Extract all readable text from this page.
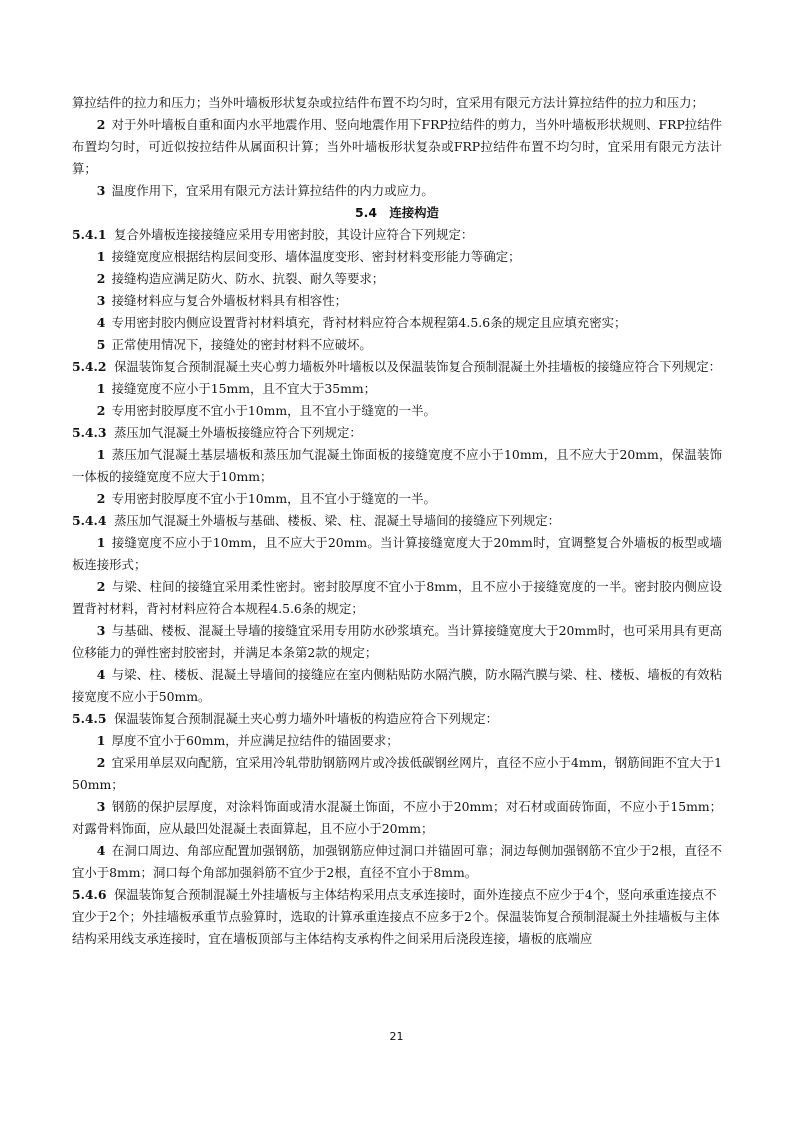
算拉结件的拉力和压力；当外叶墙板形状复杂或拉结件布置不均匀时，宜采用有限元方法计算拉结件的拉力和压力；

2 对于外叶墙板自重和面内水平地震作用、竖向地震作用下FRP拉结件的剪力，当外叶墙板形状规则、FRP拉结件布置均匀时，可近似按拉结件从属面积计算；当外叶墙板形状复杂或FRP拉结件布置不均匀时，宜采用有限元方法计算；

3 温度作用下，宜采用有限元方法计算拉结件的内力或应力。

5.4 连接构造

5.4.1 复合外墙板连接接缝应采用专用密封胶，其设计应符合下列规定：

1 接缝宽度应根据结构层间变形、墙体温度变形、密封材料变形能力等确定；

2 接缝构造应满足防火、防水、抗裂、耐久等要求；

3 接缝材料应与复合外墙板材料具有相容性；

4 专用密封胶内侧应设置背衬材料填充，背衬材料应符合本规程第4.5.6条的规定且应填充密实；

5 正常使用情况下，接缝处的密封材料不应破坏。

5.4.2 保温装饰复合预制混凝土夹心剪力墙板外叶墙板以及保温装饰复合预制混凝土外挂墙板的接缝应符合下列规定：

1 接缝宽度不应小于15mm，且不宜大于35mm；

2 专用密封胶厚度不宜小于10mm，且不宜小于缝宽的一半。

5.4.3 蒸压加气混凝土外墙板接缝应符合下列规定：

1 蒸压加气混凝土基层墙板和蒸压加气混凝土饰面板的接缝宽度不应小于10mm，且不应大于20mm，保温装饰一体板的接缝宽度不应大于10mm；

2 专用密封胶厚度不宜小于10mm，且不宜小于缝宽的一半。

5.4.4 蒸压加气混凝土外墙板与基础、楼板、梁、柱、混凝土导墙间的接缝应下列规定：

1 接缝宽度不应小于10mm，且不应大于20mm。当计算接缝宽度大于20mm时，宜调整复合外墙板的板型或墙板连接形式；

2 与梁、柱间的接缝宜采用柔性密封。密封胶厚度不宜小于8mm，且不应小于接缝宽度的一半。密封胶内侧应设置背衬材料，背衬材料应符合本规程4.5.6条的规定；

3 与基础、楼板、混凝土导墙的接缝宜采用专用防水砂浆填充。当计算接缝宽度大于20mm时，也可采用具有更高位移能力的弹性密封胶密封，并满足本条第2款的规定；

4 与梁、柱、楼板、混凝土导墙间的接缝应在室内侧粘贴防水隔汽膜，防水隔汽膜与梁、柱、楼板、墙板的有效粘接宽度不应小于50mm。

5.4.5 保温装饰复合预制混凝土夹心剪力墙外叶墙板的构造应符合下列规定：

1 厚度不宜小于60mm，并应满足拉结件的锚固要求；

2 宜采用单层双向配筋，宜采用冷轧带肋钢筋网片或冷拔低碳钢丝网片，直径不应小于4mm，钢筋间距不宜大于150mm；

3 钢筋的保护层厚度，对涂料饰面或清水混凝土饰面，不应小于20mm；对石材或面砖饰面，不应小于15mm；对露骨料饰面，应从最凹处混凝土表面算起，且不应小于20mm；

4 在洞口周边、角部应配置加强钢筋，加强钢筋应伸过洞口并锚固可靠；洞边每侧加强钢筋不宜少于2根，直径不宜小于8mm；洞口每个角部加强斜筋不宜少于2根，直径不宜小于8mm。

5.4.6 保温装饰复合预制混凝土外挂墙板与主体结构采用点支承连接时，面外连接点不应少于4个，竖向承重连接点不宜少于2个；外挂墙板承重节点验算时，选取的计算承重连接点不应多于2个。保温装饰复合预制混凝土外挂墙板与主体结构采用线支承连接时，宜在墙板顶部与主体结构支承构件之间采用后浇段连接，墙板的底端应

21
